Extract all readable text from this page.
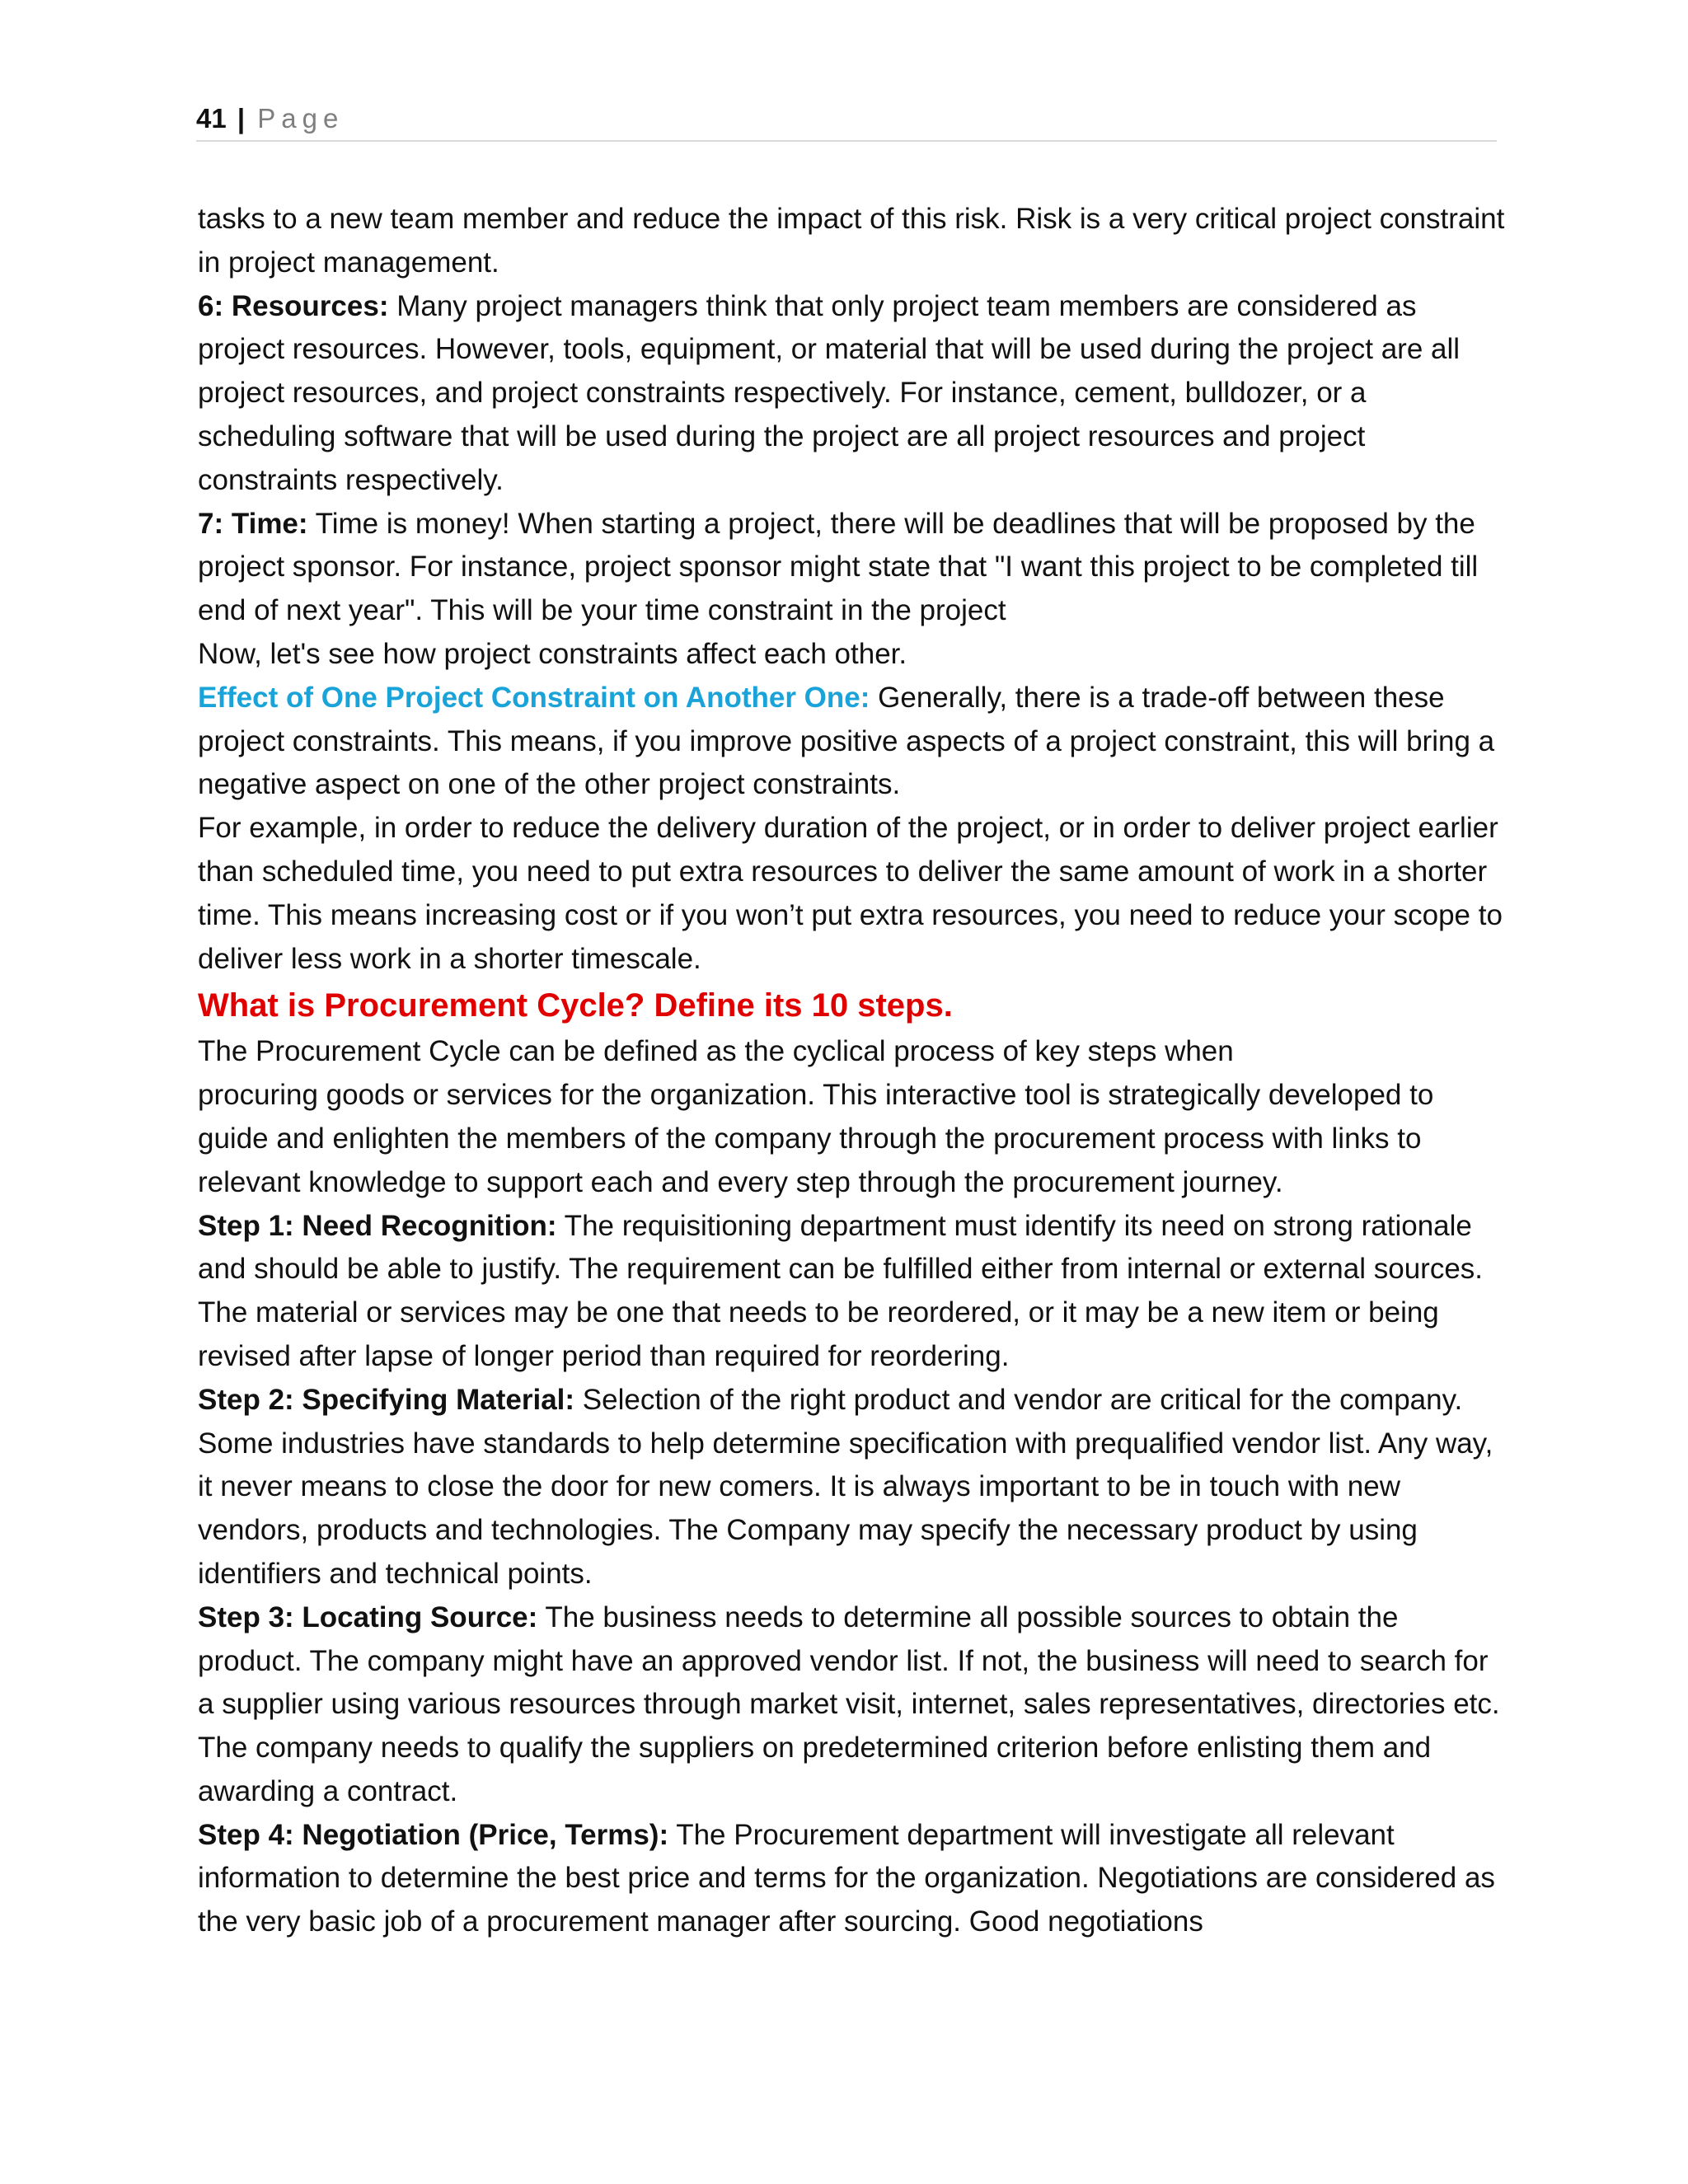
41 | Page

tasks to a new team member and reduce the impact of this risk. Risk is a very critical project constraint in project management.

6: Resources: Many project managers think that only project team members are considered as project resources. However, tools, equipment, or material that will be used during the project are all project resources, and project constraints respectively. For instance, cement, bulldozer, or a scheduling software that will be used during the project are all project resources and project constraints respectively.

7: Time: Time is money! When starting a project, there will be deadlines that will be proposed by the project sponsor. For instance, project sponsor might state that "I want this project to be completed till end of next year". This will be your time constraint in the project

Now, let's see how project constraints affect each other.

Effect of One Project Constraint on Another One: Generally, there is a trade-off between these project constraints. This means, if you improve positive aspects of a project constraint, this will bring a negative aspect on one of the other project constraints.

For example, in order to reduce the delivery duration of the project, or in order to deliver project earlier than scheduled time, you need to put extra resources to deliver the same amount of work in a shorter time. This means increasing cost or if you won’t put extra resources, you need to reduce your scope to deliver less work in a shorter timescale.

What is Procurement Cycle? Define its 10 steps.

The Procurement Cycle can be defined as the cyclical process of key steps when

procuring goods or services for the organization. This interactive tool is strategically developed to guide and enlighten the members of the company through the procurement process with links to relevant knowledge to support each and every step through the procurement journey.

Step 1: Need Recognition: The requisitioning department must identify its need on strong rationale and should be able to justify. The requirement can be fulfilled either from internal or external sources. The material or services may be one that needs to be reordered, or it may be a new item or being revised after lapse of longer period than required for reordering.

Step 2: Specifying Material: Selection of the right product and vendor are critical for the company. Some industries have standards to help determine specification with prequalified vendor list. Any way, it never means to close the door for new comers. It is always important to be in touch with new vendors, products and technologies. The Company may specify the necessary product by using identifiers and technical points.

Step 3: Locating Source: The business needs to determine all possible sources to obtain the product. The company might have an approved vendor list. If not, the business will need to search for a supplier using various resources through market visit, internet, sales representatives, directories etc. The company needs to qualify the suppliers on predetermined criterion before enlisting them and awarding a contract.

Step 4: Negotiation (Price, Terms): The Procurement department will investigate all relevant information to determine the best price and terms for the organization. Negotiations are considered as the very basic job of a procurement manager after sourcing. Good negotiations
